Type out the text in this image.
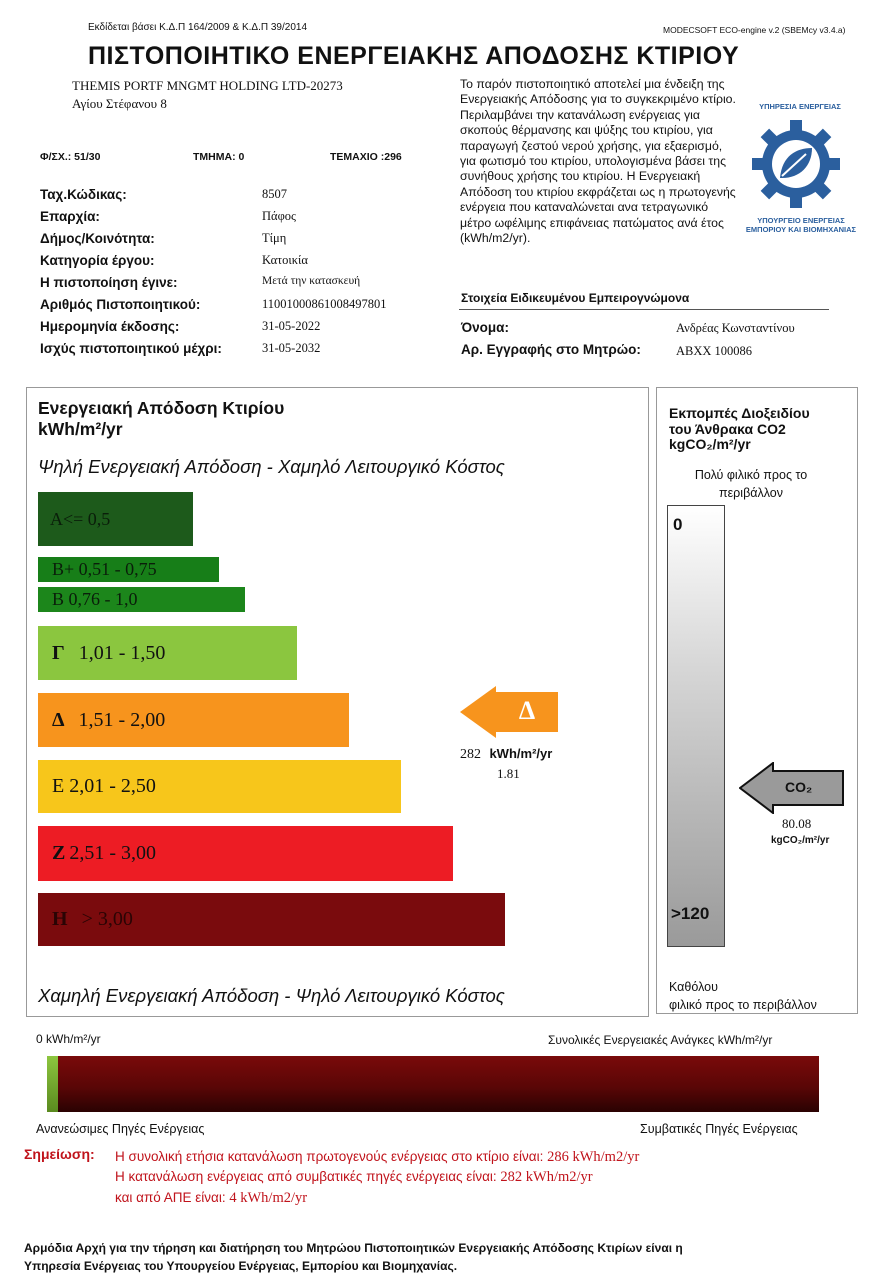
Εκδίδεται βάσει Κ.Δ.Π 164/2009 & Κ.Δ.Π 39/2014	MODECSOFT ECO-engine v.2 (SBEMcy v3.4.a)
ΠΙΣΤΟΠΟΙΗΤΙΚΟ ΕΝΕΡΓΕΙΑΚΗΣ ΑΠΟΔΟΣΗΣ ΚΤΙΡΙΟΥ
THEMIS PORTF MNGMT HOLDING LTD-20273
Αγίου Στέφανου 8
Φ/ΣΧ.: 51/30	ΤΜΗΜΑ: 0	ΤΕΜΑΧΙΟ :296
Ταχ.Κώδικας:	8507
Επαρχία:	Πάφος
Δήμος/Κοινότητα:	Τίμη
Κατηγορία έργου:	Κατοικία
Η πιστοποίηση έγινε:	Μετά την κατασκευή
Αριθμός Πιστοποιητικού:	11001000861008497801
Ημερομηνία έκδοσης:	31-05-2022
Ισχύς πιστοποιητικού μέχρι:	31-05-2032
Το παρόν πιστοποιητικό αποτελεί μια ένδειξη της Ενεργειακής Απόδοσης για το συγκεκριμένο κτίριο. Περιλαμβάνει την κατανάλωση ενέργειας για σκοπούς θέρμανσης και ψύξης του κτιρίου, για παραγωγή ζεστού νερού χρήσης, για εξαερισμό, για φωτισμό του κτιρίου, υπολογισμένα βάσει της συνήθους χρήσης του κτιρίου. Η Ενεργειακή Απόδοση του κτιρίου εκφράζεται ως η πρωτογενής ενέργεια που καταναλώνεται ανα τετραγωνικό μέτρο ωφέλιμης επιφάνειας πατώματος ανά έτος (kWh/m2/yr).
ΥΠΗΡΕΣΙΑ ΕΝΕΡΓΕΙΑΣ
ΥΠΟΥΡΓΕΙΟ ΕΝΕΡΓΕΙΑΣ
ΕΜΠΟΡΙΟΥ ΚΑΙ ΒΙΟΜΗΧΑΝΙΑΣ
Στοιχεία Ειδικευμένου Εμπειρογνώμονα
Όνομα:	Ανδρέας Κωνσταντίνου
Αρ. Εγγραφής στο Μητρώο:	ABXX 100086
Ενεργειακή Απόδοση Κτιρίου
kWh/m²/yr
Ψηλή Ενεργειακή Απόδοση - Χαμηλό Λειτουργικό Κόστος
Α<= 0,5
Β+ 0,51 - 0,75
Β 0,76 - 1,0
Γ 1,01 - 1,50
Δ 1,51 - 2,00
Ε 2,01 - 2,50
Ζ 2,51 - 3,00
Η > 3,00
Δ
282 kWh/m²/yr
1.81
Χαμηλή Ενεργειακή Απόδοση - Ψηλό Λειτουργικό Κόστος
Εκπομπές Διοξειδίου
του Άνθρακα CO2
kgCO₂/m²/yr
Πολύ φιλικό προς το περιβάλλον
0
>120
CO₂
80.08
kgCO₂/m²/yr
Καθόλου
φιλικό προς το περιβάλλον
0 kWh/m²/yr	Συνολικές Ενεργειακές Ανάγκες kWh/m²/yr
Ανανεώσιμες Πηγές Ενέργειας	Συμβατικές Πηγές Ενέργειας
Σημείωση: Η συνολική ετήσια κατανάλωση πρωτογενούς ενέργειας στο κτίριο είναι: 286 kWh/m2/yr
Η κατανάλωση ενέργειας από συμβατικές πηγές ενέργειας είναι: 282 kWh/m2/yr
και από ΑΠΕ είναι: 4 kWh/m2/yr
Αρμόδια Αρχή για την τήρηση και διατήρηση του Μητρώου Πιστοποιητικών Ενεργειακής Απόδοσης Κτιρίων είναι η
Υπηρεσία Ενέργειας του Υπουργείου Ενέργειας, Εμπορίου και Βιομηχανίας.
